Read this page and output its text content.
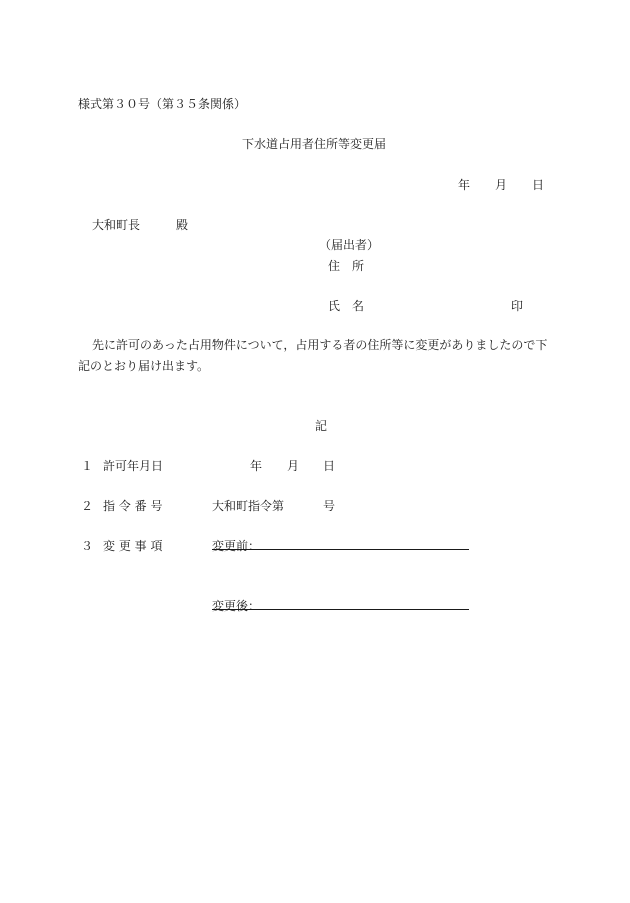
様式第３０号（第３５条関係）
下水道占用者住所等変更届
年 月 日
大和町長	殿
（届出者）
住　所
氏　名	印
先に許可のあった占用物件について，占用する者の住所等に変更がありましたので下
記のとおり届け出ます。
記
１ 許可年月日	年 月 日
２ 指 令 番 号	大和町指令第	号
３ 変 更 事 項	変更前：
変更後：
